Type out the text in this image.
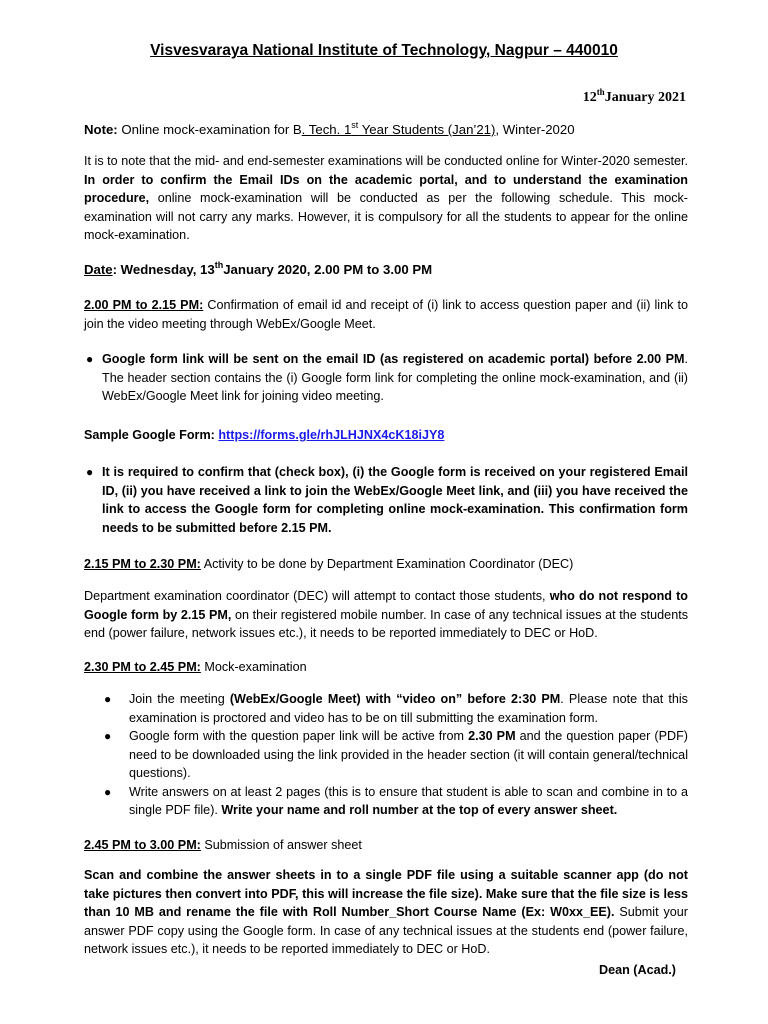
Visvesvaraya National Institute of Technology, Nagpur – 440010
12thJanuary 2021
Note: Online mock-examination for B. Tech. 1st Year Students (Jan’21), Winter-2020
It is to note that the mid- and end-semester examinations will be conducted online for Winter-2020 semester. In order to confirm the Email IDs on the academic portal, and to understand the examination procedure, online mock-examination will be conducted as per the following schedule. This mock-examination will not carry any marks. However, it is compulsory for all the students to appear for the online mock-examination.
Date: Wednesday, 13thJanuary 2020, 2.00 PM to 3.00 PM
2.00 PM to 2.15 PM: Confirmation of email id and receipt of (i) link to access question paper and (ii) link to join the video meeting through WebEx/Google Meet.
● Google form link will be sent on the email ID (as registered on academic portal) before 2.00 PM. The header section contains the (i) Google form link for completing the online mock-examination, and (ii) WebEx/Google Meet link for joining video meeting.
Sample Google Form: https://forms.gle/rhJLHJNX4cK18iJY8
● It is required to confirm that (check box), (i) the Google form is received on your registered Email ID, (ii) you have received a link to join the WebEx/Google Meet link, and (iii) you have received the link to access the Google form for completing online mock-examination. This confirmation form needs to be submitted before 2.15 PM.
2.15 PM to 2.30 PM: Activity to be done by Department Examination Coordinator (DEC)
Department examination coordinator (DEC) will attempt to contact those students, who do not respond to Google form by 2.15 PM, on their registered mobile number. In case of any technical issues at the students end (power failure, network issues etc.), it needs to be reported immediately to DEC or HoD.
2.30 PM to 2.45 PM: Mock-examination
● Join the meeting (WebEx/Google Meet) with “video on” before 2:30 PM. Please note that this examination is proctored and video has to be on till submitting the examination form.
● Google form with the question paper link will be active from 2.30 PM and the question paper (PDF) need to be downloaded using the link provided in the header section (it will contain general/technical questions).
● Write answers on at least 2 pages (this is to ensure that student is able to scan and combine in to a single PDF file). Write your name and roll number at the top of every answer sheet.
2.45 PM to 3.00 PM: Submission of answer sheet
Scan and combine the answer sheets in to a single PDF file using a suitable scanner app (do not take pictures then convert into PDF, this will increase the file size). Make sure that the file size is less than 10 MB and rename the file with Roll Number_Short Course Name (Ex: W0xx_EE). Submit your answer PDF copy using the Google form. In case of any technical issues at the students end (power failure, network issues etc.), it needs to be reported immediately to DEC or HoD.
Dean (Acad.)
